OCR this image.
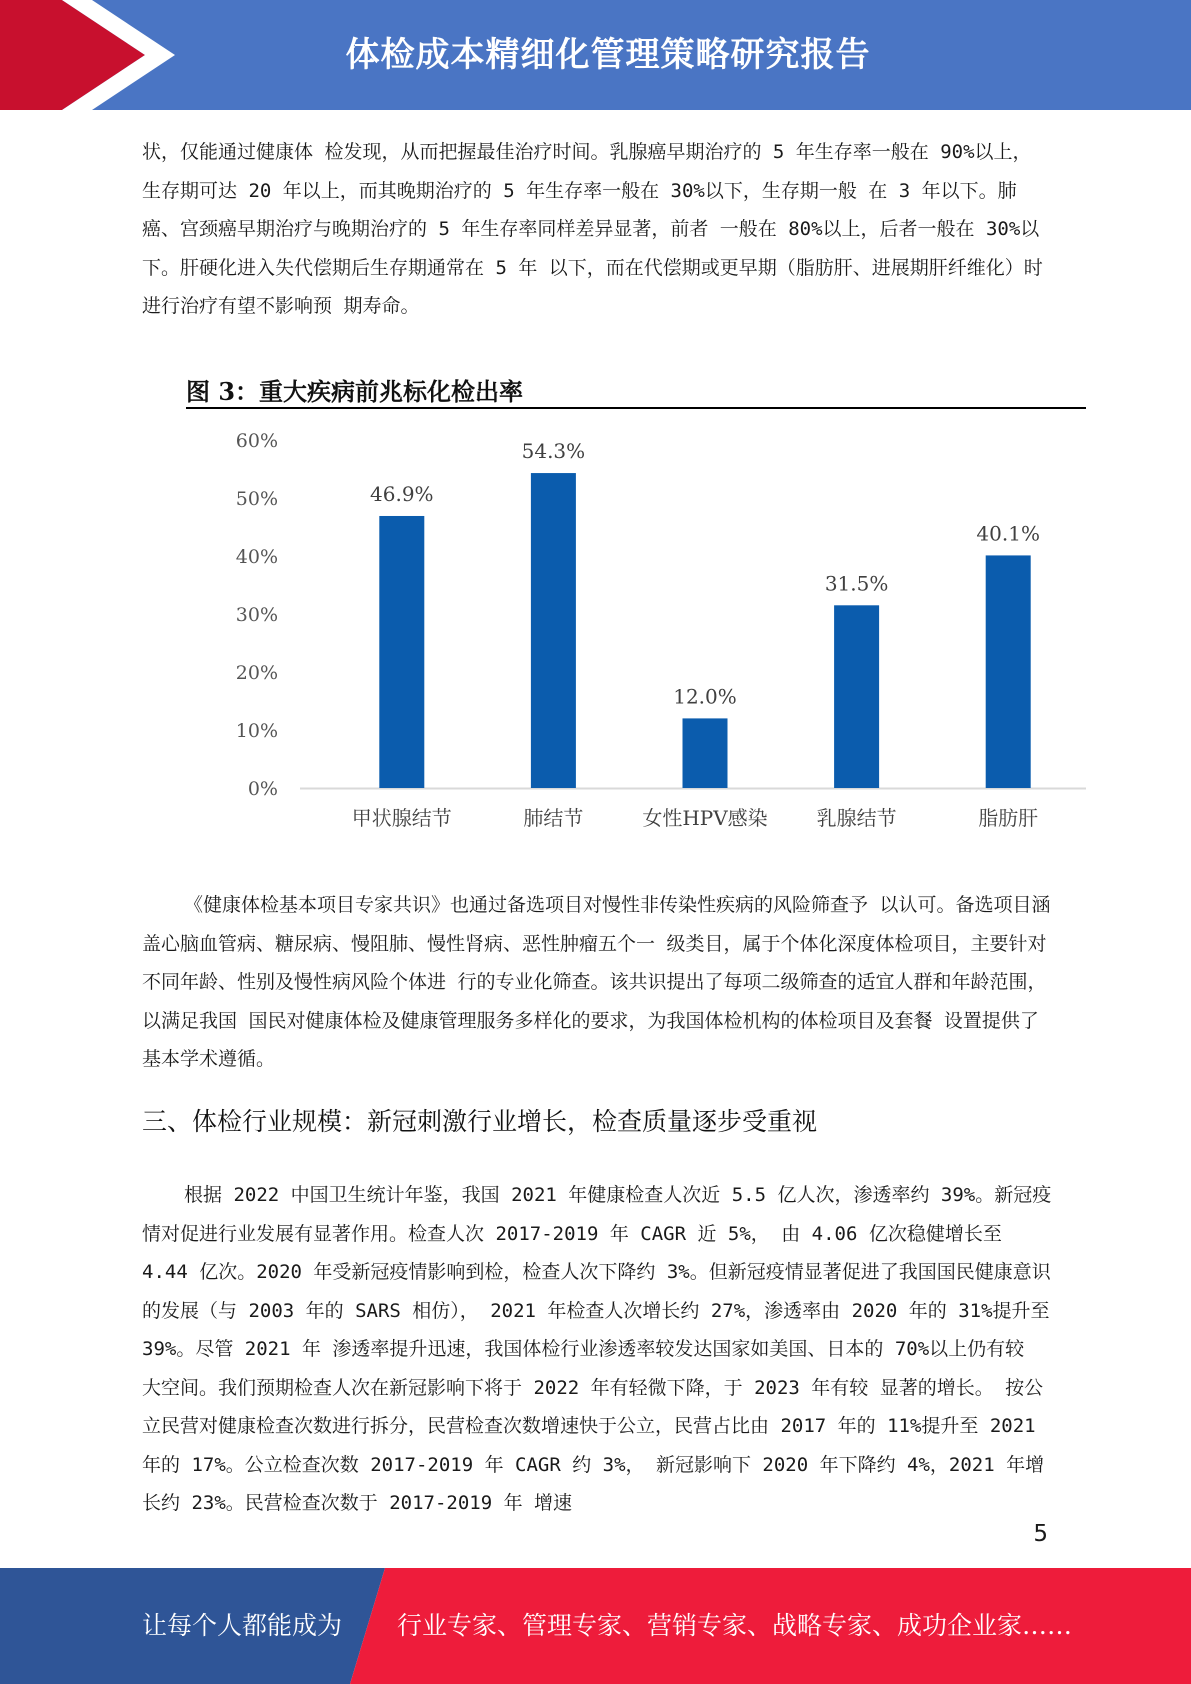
体检成本精细化管理策略研究报告

状，仅能通过健康体 检发现，从而把握最佳治疗时间。乳腺癌早期治疗的 5 年生存率一般在 90%以上， 生存期可达 20 年以上，而其晚期治疗的 5 年生存率一般在 30%以下，生存期一般 在 3 年以下。肺癌、宫颈癌早期治疗与晚期治疗的 5 年生存率同样差异显著，前者 一般在 80%以上，后者一般在 30%以下。肝硬化进入失代偿期后生存期通常在 5 年 以下，而在代偿期或更早期（脂肪肝、进展期肝纤维化）时进行治疗有望不影响预 期寿命。

图 3：重大疾病前兆标化检出率
0%
10%
20%
30%
40%
50%
60%
46.9%
甲状腺结节
54.3%
肺结节
12.0%
女性HPV感染
31.5%
乳腺结节
40.1%
脂肪肝

《健康体检基本项目专家共识》也通过备选项目对慢性非传染性疾病的风险筛查予 以认可。备选项目涵盖心脑血管病、糖尿病、慢阻肺、慢性肾病、恶性肿瘤五个一 级类目，属于个体化深度体检项目，主要针对不同年龄、性别及慢性病风险个体进 行的专业化筛查。该共识提出了每项二级筛查的适宜人群和年龄范围，以满足我国 国民对健康体检及健康管理服务多样化的要求，为我国体检机构的体检项目及套餐 设置提供了基本学术遵循。

三、体检行业规模：新冠刺激行业增长，检查质量逐步受重视

根据 2022 中国卫生统计年鉴，我国 2021 年健康检查人次近 5.5 亿人次，渗透率约 39%。新冠疫情对促进行业发展有显著作用。检查人次 2017-2019 年 CAGR 近 5%， 由 4.06 亿次稳健增长至 4.44 亿次。2020 年受新冠疫情影响到检，检查人次下降约 3%。但新冠疫情显著促进了我国国民健康意识的发展（与 2003 年的 SARS 相仿）， 2021 年检查人次增长约 27%，渗透率由 2020 年的 31%提升至 39%。尽管 2021 年 渗透率提升迅速，我国体检行业渗透率较发达国家如美国、日本的 70%以上仍有较 大空间。我们预期检查人次在新冠影响下将于 2022 年有轻微下降，于 2023 年有较 显著的增长。 按公立民营对健康检查次数进行拆分，民营检查次数增速快于公立，民营占比由 2017 年的 11%提升至 2021 年的 17%。公立检查次数 2017-2019 年 CAGR 约 3%， 新冠影响下 2020 年下降约 4%，2021 年增长约 23%。民营检查次数于 2017-2019 年 增速

5
让每个人都能成为 行业专家、管理专家、营销专家、战略专家、成功企业家……
